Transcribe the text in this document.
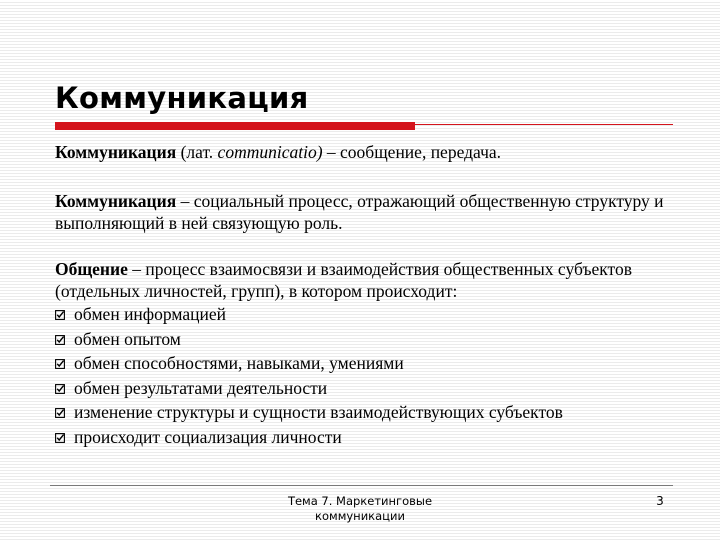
Коммуникация
Коммуникация (лат. communicatio) – сообщение, передача.
Коммуникация – социальный процесс, отражающий общественную структуру и выполняющий в ней связующую роль.
Общение – процесс взаимосвязи и взаимодействия общественных субъектов (отдельных личностей, групп), в котором происходит:
обмен информацией
обмен опытом
обмен способностями, навыками, умениями
обмен результатами деятельности
изменение структуры и сущности взаимодействующих субъектов
происходит социализация личности
Тема 7. Маркетинговые
коммуникации
3
